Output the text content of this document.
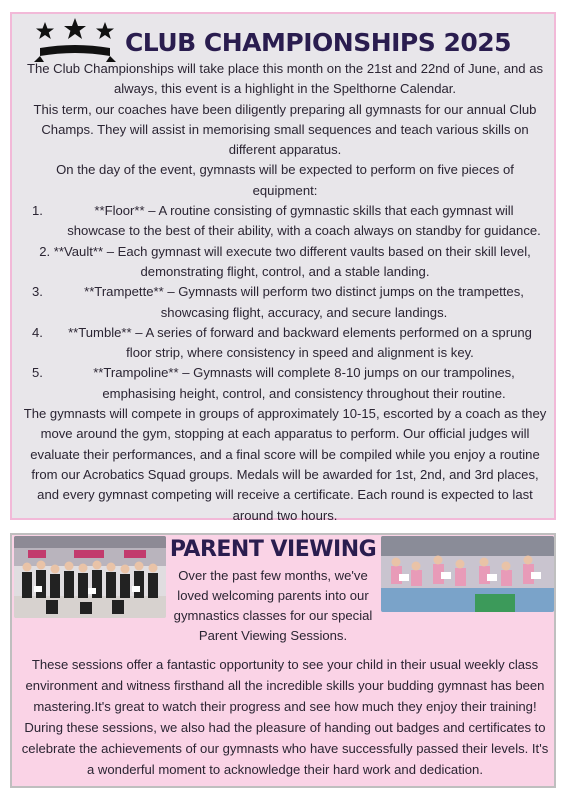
CLUB CHAMPIONSHIPS 2025

The Club Championships will take place this month on the 21st and 22nd of June, and as always, this event is a highlight in the Spelthorne Calendar.

This term, our coaches have been diligently preparing all gymnasts for our annual Club Champs. They will assist in memorising small sequences and teach various skills on different apparatus.

On the day of the event, gymnasts will be expected to perform on five pieces of equipment:

1.	**Floor** – A routine consisting of gymnastic skills that each gymnast will showcase to the best of their ability, with a coach always on standby for guidance.

2. **Vault** – Each gymnast will execute two different vaults based on their skill level, demonstrating flight, control, and a stable landing.

3.	**Trampette** – Gymnasts will perform two distinct jumps on the trampettes, showcasing flight, accuracy, and secure landings.

4.	**Tumble** – A series of forward and backward elements performed on a sprung floor strip, where consistency in speed and alignment is key.

5.	**Trampoline** – Gymnasts will complete 8-10 jumps on our trampolines, emphasising height, control, and consistency throughout their routine.

The gymnasts will compete in groups of approximately 10-15, escorted by a coach as they move around the gym, stopping at each apparatus to perform. Our official judges will evaluate their performances, and a final score will be compiled while you enjoy a routine from our Acrobatics Squad groups. Medals will be awarded for 1st, 2nd, and 3rd places, and every gymnast competing will receive a certificate. Each round is expected to last around two hours.

PARENT VIEWING

Over the past few months, we've loved welcoming parents into our gymnastics classes for our special Parent Viewing Sessions.

These sessions offer a fantastic opportunity to see your child in their usual weekly class environment and witness firsthand all the incredible skills your budding gymnast has been mastering.It's great to watch their progress and see how much they enjoy their training! During these sessions, we also had the pleasure of handing out badges and certificates to celebrate the achievements of our gymnasts who have successfully passed their levels. It's a wonderful moment to acknowledge their hard work and dedication.
